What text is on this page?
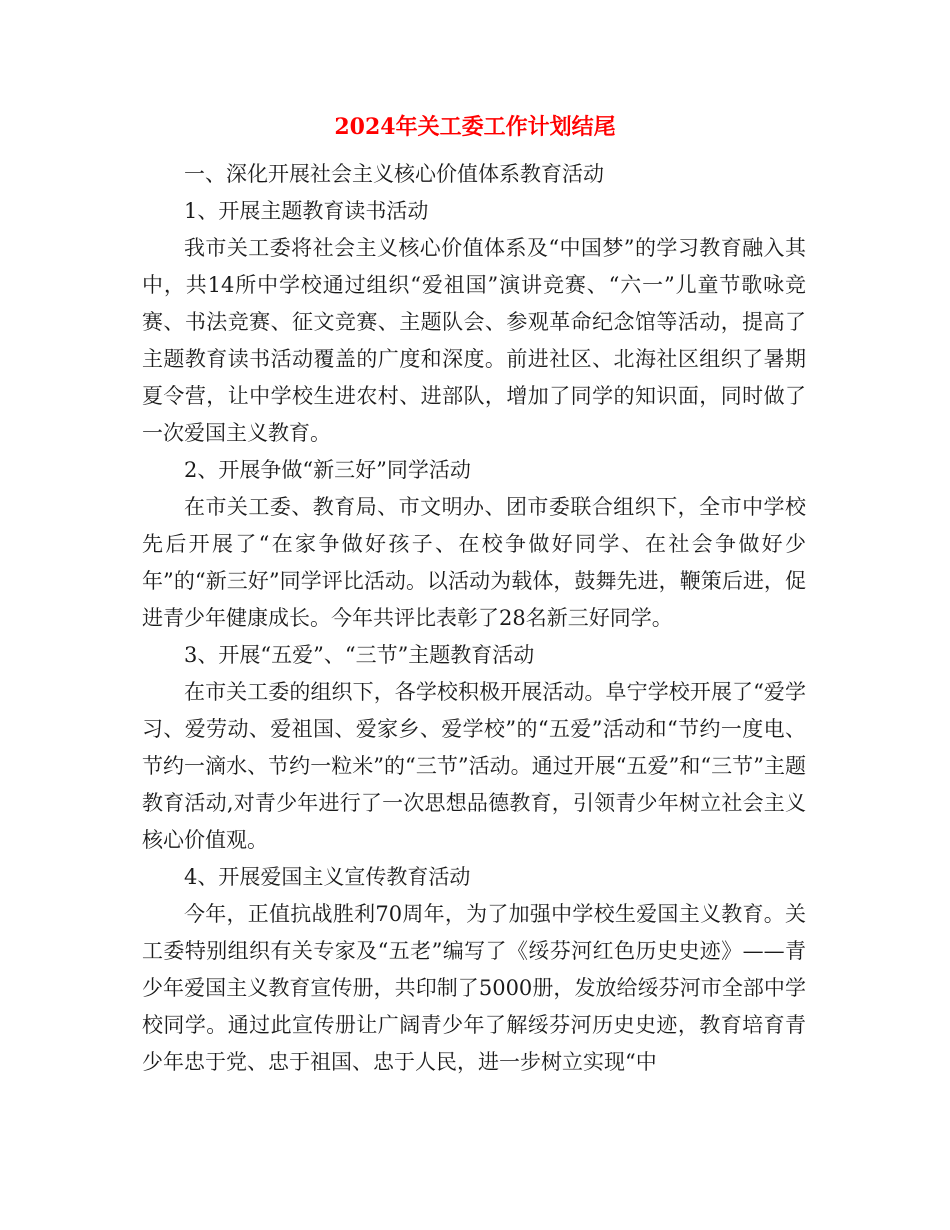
2024年关工委工作计划结尾

一、深化开展社会主义核心价值体系教育活动

1、开展主题教育读书活动

我市关工委将社会主义核心价值体系及“中国梦”的学习教育融入其中，共14所中学校通过组织“爱祖国”演讲竞赛、“六一”儿童节歌咏竞赛、书法竞赛、征文竞赛、主题队会、参观革命纪念馆等活动，提高了主题教育读书活动覆盖的广度和深度。前进社区、北海社区组织了暑期夏令营，让中学校生进农村、进部队，增加了同学的知识面，同时做了一次爱国主义教育。

2、开展争做“新三好”同学活动

在市关工委、教育局、市文明办、团市委联合组织下，全市中学校先后开展了“在家争做好孩子、在校争做好同学、在社会争做好少年”的“新三好”同学评比活动。以活动为载体，鼓舞先进，鞭策后进，促进青少年健康成长。今年共评比表彰了28名新三好同学。

3、开展“五爱”、“三节”主题教育活动

在市关工委的组织下，各学校积极开展活动。阜宁学校开展了“爱学习、爱劳动、爱祖国、爱家乡、爱学校”的“五爱”活动和“节约一度电、节约一滴水、节约一粒米”的“三节”活动。通过开展“五爱”和“三节”主题教育活动,对青少年进行了一次思想品德教育，引领青少年树立社会主义核心价值观。

4、开展爱国主义宣传教育活动

今年，正值抗战胜利70周年，为了加强中学校生爱国主义教育。关工委特别组织有关专家及“五老”编写了《绥芬河红色历史史迹》——青少年爱国主义教育宣传册，共印制了5000册，发放给绥芬河市全部中学校同学。通过此宣传册让广阔青少年了解绥芬河历史史迹，教育培育青少年忠于党、忠于祖国、忠于人民，进一步树立实现“中
